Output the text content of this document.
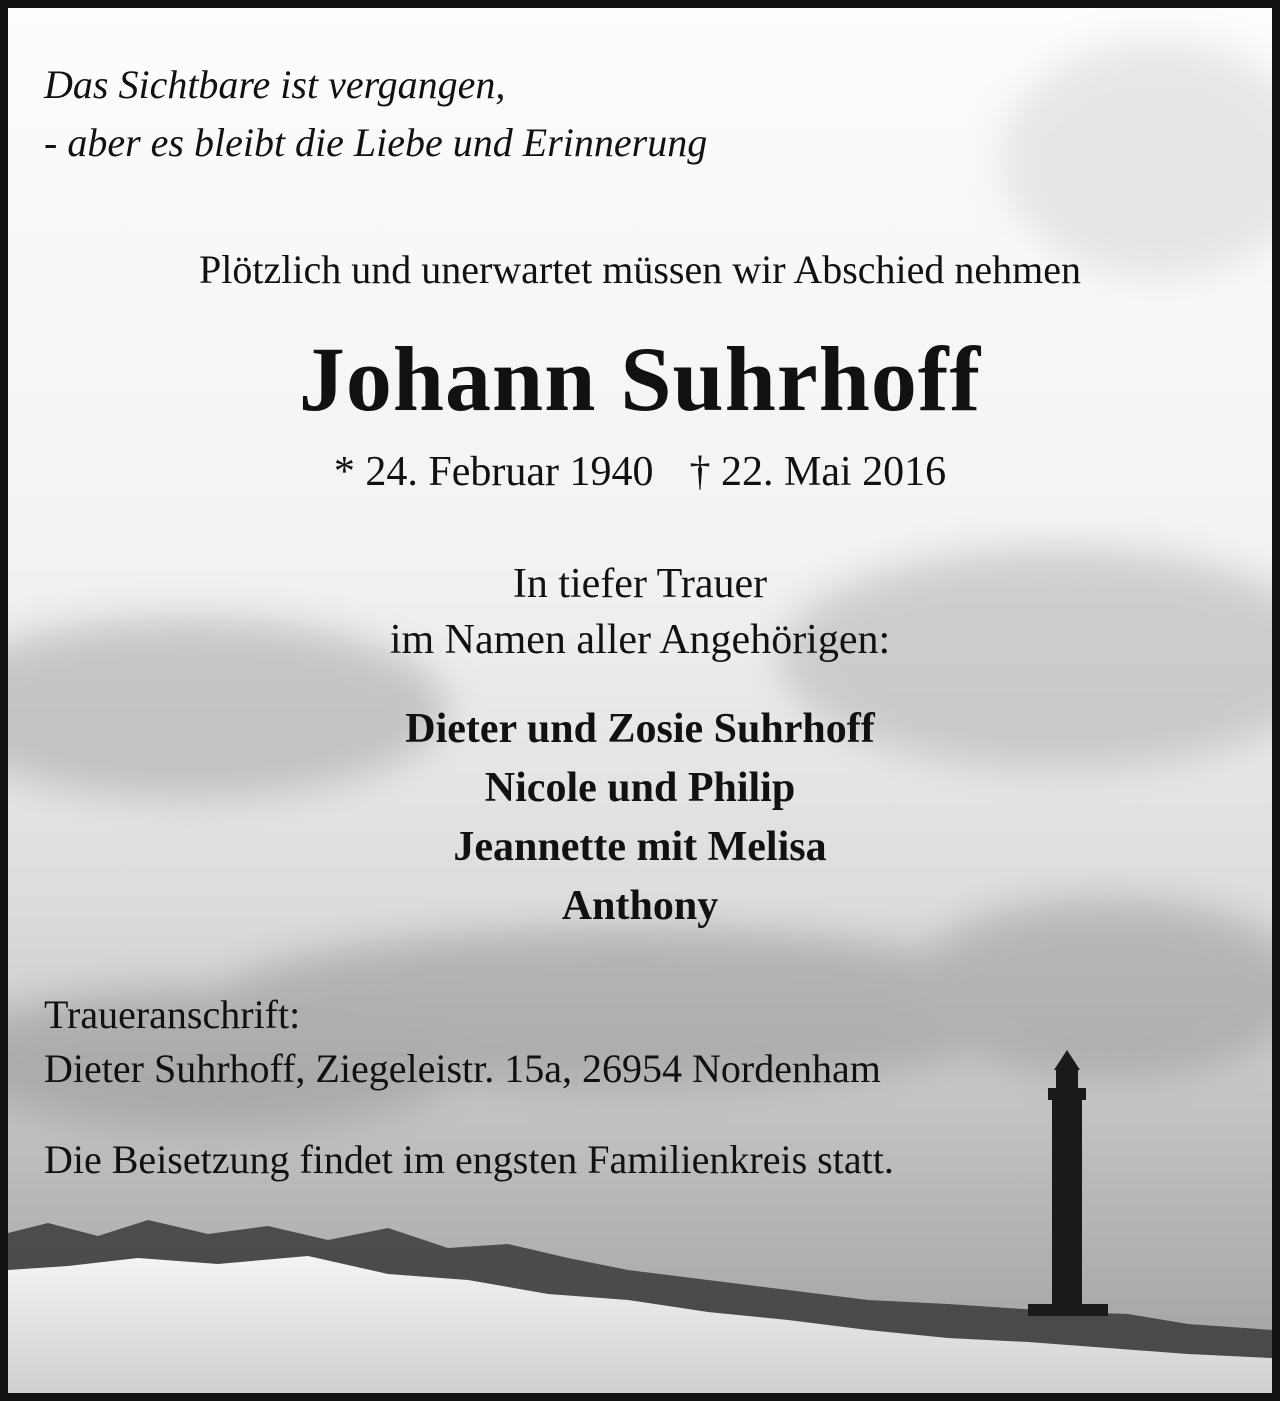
Das Sichtbare ist vergangen,
- aber es bleibt die Liebe und Erinnerung
Plötzlich und unerwartet müssen wir Abschied nehmen
Johann Suhrhoff
* 24. Februar 1940 † 22. Mai 2016
In tiefer Trauer
im Namen aller Angehörigen:
Dieter und Zosie Suhrhoff
Nicole und Philip
Jeannette mit Melisa
Anthony
Traueranschrift:
Dieter Suhrhoff, Ziegeleistr. 15a, 26954 Nordenham
Die Beisetzung findet im engsten Familienkreis statt.
